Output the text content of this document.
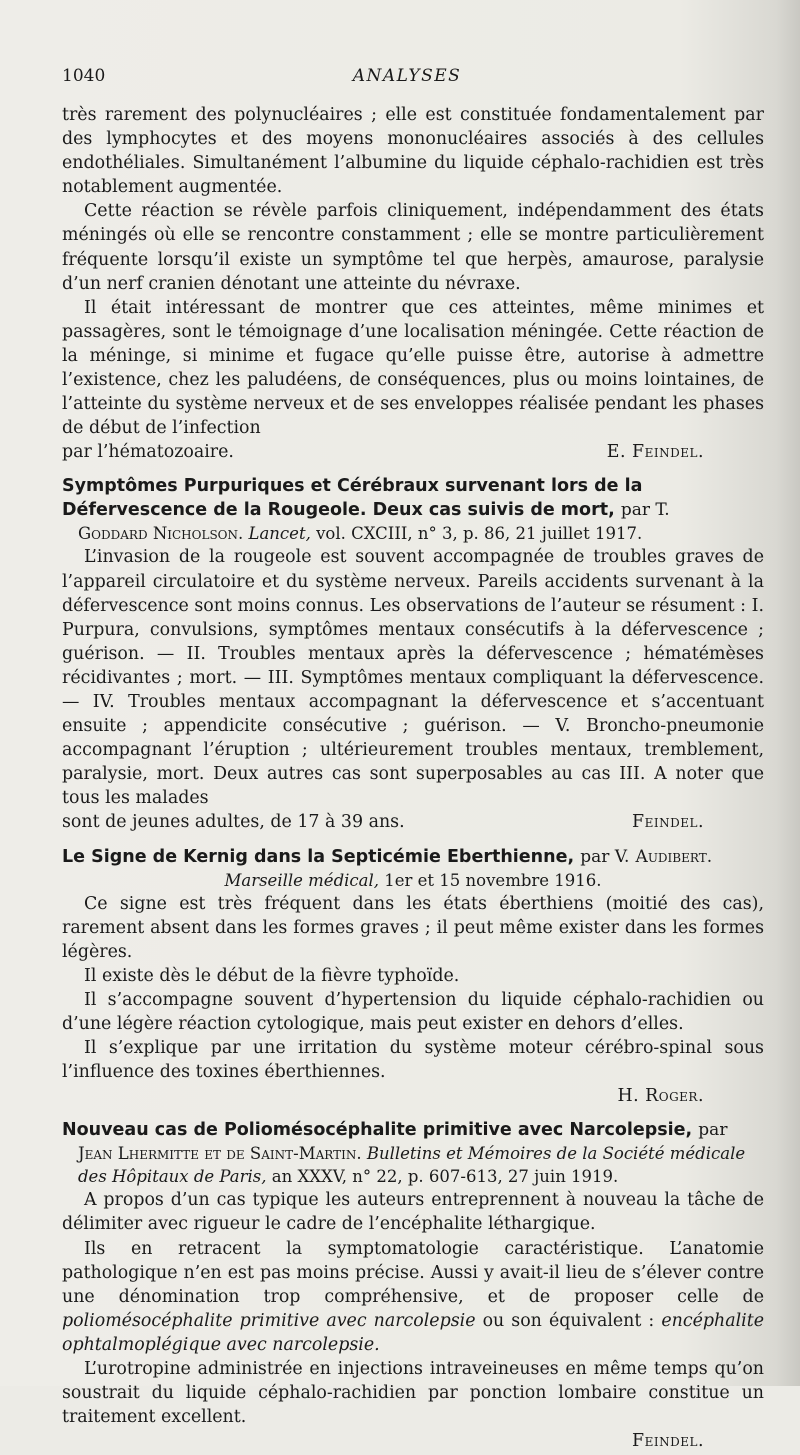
1040	ANALYSES

très rarement des polynucléaires ; elle est constituée fondamentalement par des lymphocytes et des moyens mononucléaires associés à des cellules endothéliales. Simultanément l’albumine du liquide céphalo-rachidien est très notablement augmentée.

Cette réaction se révèle parfois cliniquement, indépendamment des états méningés où elle se rencontre constamment ; elle se montre particulièrement fréquente lorsqu’il existe un symptôme tel que herpès, amaurose, paralysie d’un nerf cranien dénotant une atteinte du névraxe.

Il était intéressant de montrer que ces atteintes, même minimes et passagères, sont le témoignage d’une localisation méningée. Cette réaction de la méninge, si minime et fugace qu’elle puisse être, autorise à admettre l’existence, chez les paludéens, de conséquences, plus ou moins lointaines, de l’atteinte du système nerveux et de ses enveloppes réalisée pendant les phases de début de l’infection

par l’hématozoaire.	E. Feindel.
Symptômes Purpuriques et Cérébraux survenant lors de la Défervescence de la Rougeole. Deux cas suivis de mort, par T.
Goddard Nicholson. Lancet, vol. CXCIII, n° 3, p. 86, 21 juillet 1917.

L’invasion de la rougeole est souvent accompagnée de troubles graves de l’appareil circulatoire et du système nerveux. Pareils accidents survenant à la défervescence sont moins connus. Les observations de l’auteur se résument : I. Purpura, convulsions, symptômes mentaux consécutifs à la défervescence ; guérison. — II. Troubles mentaux après la défervescence ; hématémèses récidivantes ; mort. — III. Symptômes mentaux compliquant la défervescence. — IV. Troubles mentaux accompagnant la défervescence et s’accentuant ensuite ; appendicite consécutive ; guérison. — V. Broncho-pneumonie accompagnant l’éruption ; ultérieurement troubles mentaux, tremblement, paralysie, mort. Deux autres cas sont superposables au cas III. A noter que tous les malades

sont de jeunes adultes, de 17 à 39 ans.	Feindel.
Le Signe de Kernig dans la Septicémie Eberthienne, par V. Audibert.
Marseille médical, 1er et 15 novembre 1916.

Ce signe est très fréquent dans les états éberthiens (moitié des cas), rarement absent dans les formes graves ; il peut même exister dans les formes légères.

Il existe dès le début de la fièvre typhoïde.

Il s’accompagne souvent d’hypertension du liquide céphalo-rachidien ou d’une légère réaction cytologique, mais peut exister en dehors d’elles.

Il s’explique par une irritation du système moteur cérébro-spinal sous l’influence des toxines éberthiennes.

H. Roger.
Nouveau cas de Poliomésocéphalite primitive avec Narcolepsie, par
Jean Lhermitte et de Saint-Martin. Bulletins et Mémoires de la Société médicale des Hôpitaux de Paris, an XXXV, n° 22, p. 607-613, 27 juin 1919.

A propos d’un cas typique les auteurs entreprennent à nouveau la tâche de délimiter avec rigueur le cadre de l’encéphalite léthargique.

Ils en retracent la symptomatologie caractéristique. L’anatomie pathologique n’en est pas moins précise. Aussi y avait-il lieu de s’élever contre une dénomination trop compréhensive, et de proposer celle de poliomésocéphalite primitive avec narcolepsie ou son équivalent : encéphalite ophtalmoplégique avec narcolepsie.

L’urotropine administrée en injections intraveineuses en même temps qu’on soustrait du liquide céphalo-rachidien par ponction lombaire constitue un traitement excellent.

Feindel.
